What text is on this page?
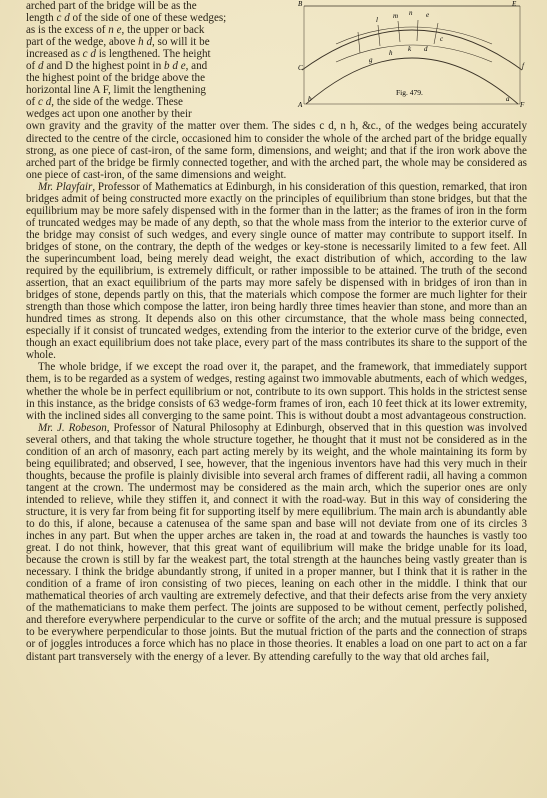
B	E
l m n e
c
d
k
h
g
C	f
A
b	a
F
Fig. 479.

arched part of the bridge will be as the
length c d of the side of one of these wedges;
as is the excess of n e, the upper or back
part of the wedge, above h d, so will it be
increased as c d is lengthened. The height
of d and D the highest point in b d e, and
the highest point of the bridge above the
horizontal line A F, limit the lengthening
of c d, the side of the wedge. These
wedges act upon one another by their

own gravity and the gravity of the matter over them. The sides c d, n h, &c., of the wedges being accurately directed to the centre of the circle, occasioned him to consider the whole of the arched part of the bridge equally strong, as one piece of cast-iron, of the same form, dimensions, and weight; and that if the iron work above the arched part of the bridge be firmly connected together, and with the arched part, the whole may be considered as one piece of cast-iron, of the same dimensions and weight.

Mr. Playfair, Professor of Mathematics at Edinburgh, in his consideration of this question, remarked, that iron bridges admit of being constructed more exactly on the principles of equilibrium than stone bridges, but that the equilibrium may be more safely dispensed with in the former than in the latter; as the frames of iron in the form of truncated wedges may be made of any depth, so that the whole mass from the interior to the exterior curve of the bridge may consist of such wedges, and every single ounce of matter may contribute to support itself. In bridges of stone, on the contrary, the depth of the wedges or key-stone is necessarily limited to a few feet. All the superincumbent load, being merely dead weight, the exact distribution of which, according to the law required by the equilibrium, is extremely difficult, or rather impossible to be attained. The truth of the second assertion, that an exact equilibrium of the parts may more safely be dispensed with in bridges of iron than in bridges of stone, depends partly on this, that the materials which compose the former are much lighter for their strength than those which compose the latter, iron being hardly three times heavier than stone, and more than an hundred times as strong. It depends also on this other circumstance, that the whole mass being connected, especially if it consist of truncated wedges, extending from the interior to the exterior curve of the bridge, even though an exact equilibrium does not take place, every part of the mass contributes its share to the support of the whole.

The whole bridge, if we except the road over it, the parapet, and the framework, that immediately support them, is to be regarded as a system of wedges, resting against two immovable abutments, each of which wedges, whether the whole be in perfect equilibrium or not, contribute to its own support. This holds in the strictest sense in this instance, as the bridge consists of 63 wedge-form frames of iron, each 10 feet thick at its lower extremity, with the inclined sides all converging to the same point. This is without doubt a most advantageous construction.

Mr. J. Robeson, Professor of Natural Philosophy at Edinburgh, observed that in this question was involved several others, and that taking the whole structure together, he thought that it must not be considered as in the condition of an arch of masonry, each part acting merely by its weight, and the whole maintaining its form by being equilibrated; and observed, I see, however, that the ingenious inventors have had this very much in their thoughts, because the profile is plainly divisible into several arch frames of different radii, all having a common tangent at the crown. The undermost may be considered as the main arch, which the superior ones are only intended to relieve, while they stiffen it, and connect it with the road-way. But in this way of considering the structure, it is very far from being fit for supporting itself by mere equilibrium. The main arch is abundantly able to do this, if alone, because a catenusea of the same span and base will not deviate from one of its circles 3 inches in any part. But when the upper arches are taken in, the road at and towards the haunches is vastly too great. I do not think, however, that this great want of equilibrium will make the bridge unable for its load, because the crown is still by far the weakest part, the total strength at the haunches being vastly greater than is necessary. I think the bridge abundantly strong, if united in a proper manner, but I think that it is rather in the condition of a frame of iron consisting of two pieces, leaning on each other in the middle. I think that our mathematical theories of arch vaulting are extremely defective, and that their defects arise from the very anxiety of the mathematicians to make them perfect. The joints are supposed to be without cement, perfectly polished, and therefore everywhere perpendicular to the curve or soffite of the arch; and the mutual pressure is supposed to be everywhere perpendicular to those joints. But the mutual friction of the parts and the connection of straps or of joggles introduces a force which has no place in those theories. It enables a load on one part to act on a far distant part transversely with the energy of a lever. By attending carefully to the way that old arches fail,
